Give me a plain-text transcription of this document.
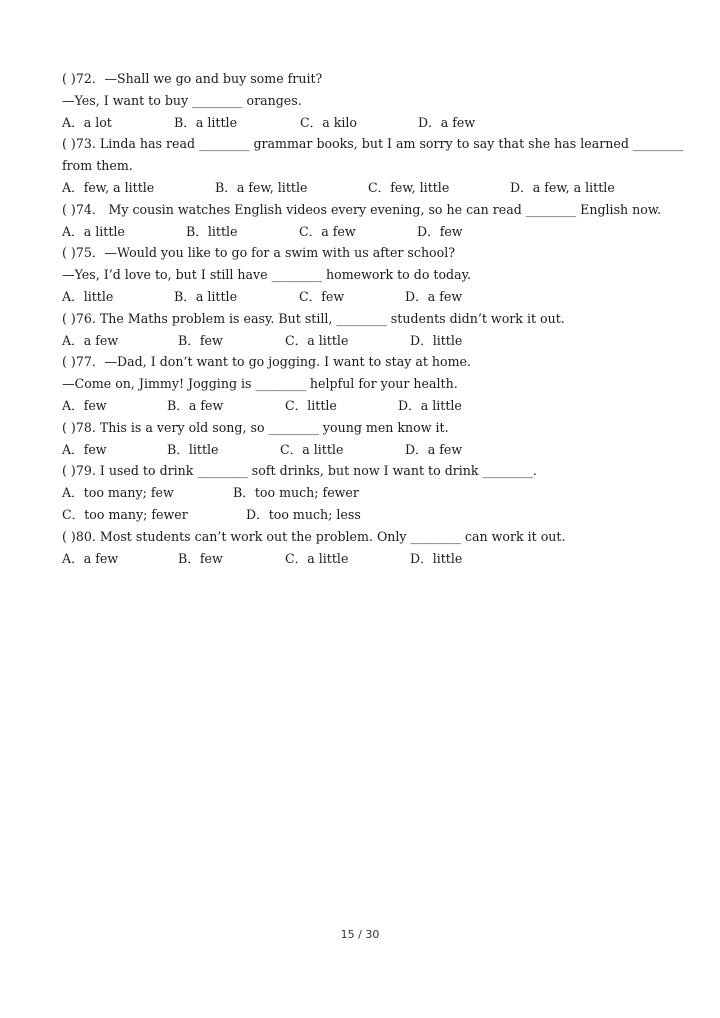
( )72．—Shall we go and buy some fruit?
—Yes, I want to buy ________ oranges.
A．a lot	B．a little	C．a kilo	D．a few
( )73. Linda has read ________ grammar books, but I am sorry to say that she has learned ________
from them.
A．few, a little	B．a few, little	C．few, little	D．a few, a little
( )74． My cousin watches English videos every evening, so he can read ________ English now.
A．a little	B．little	C．a few	D．few
( )75．—Would you like to go for a swim with us after school?
—Yes, I’d love to, but I still have ________ homework to do today.
A．little	B．a little	C．few	D．a few
( )76. The Maths problem is easy. But still, ________ students didn’t work it out.
A．a few	B．few	C．a little	D．little
( )77．—Dad, I don’t want to go jogging. I want to stay at home.
—Come on, Jimmy! Jogging is ________ helpful for your health.
A．few	B．a few	C．little	D．a little
( )78. This is a very old song, so ________ young men know it.
A．few	B．little	C．a little	D．a few
( )79. I used to drink ________ soft drinks, but now I want to drink ________.
A．too many; few	B．too much; fewer
C．too many; fewer	D．too much; less
( )80. Most students can’t work out the problem. Only ________ can work it out.
A．a few	B．few	C．a little	D．little
15 / 30
